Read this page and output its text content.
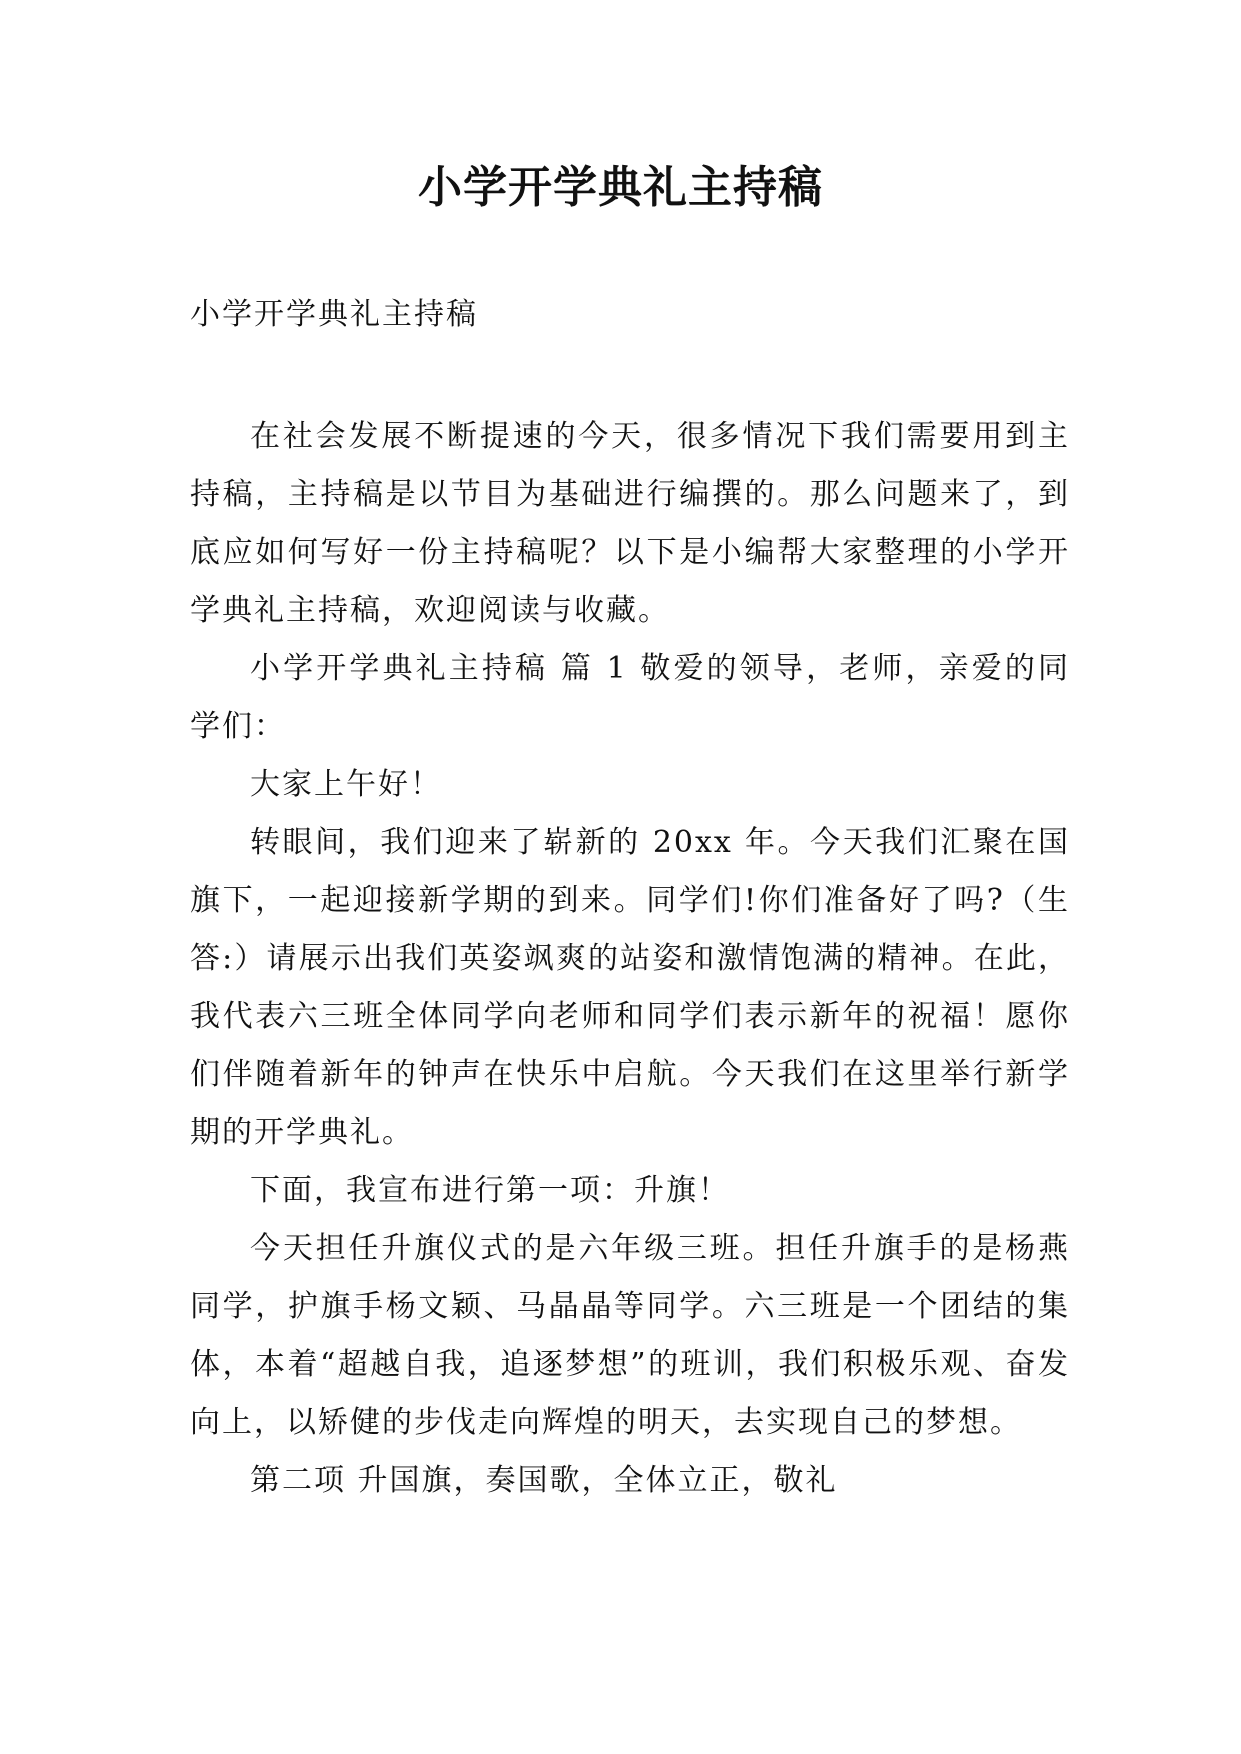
小学开学典礼主持稿

小学开学典礼主持稿

在社会发展不断提速的今天，很多情况下我们需要用到主持稿，主持稿是以节目为基础进行编撰的。那么问题来了，到底应如何写好一份主持稿呢？以下是小编帮大家整理的小学开学典礼主持稿，欢迎阅读与收藏。

小学开学典礼主持稿 篇 1 敬爱的领导，老师，亲爱的同学们：

大家上午好！

转眼间，我们迎来了崭新的 20xx 年。今天我们汇聚在国旗下，一起迎接新学期的到来。同学们!你们准备好了吗?（生答:）请展示出我们英姿飒爽的站姿和激情饱满的精神。在此，我代表六三班全体同学向老师和同学们表示新年的祝福！愿你们伴随着新年的钟声在快乐中启航。今天我们在这里举行新学期的开学典礼。

下面，我宣布进行第一项：升旗！

今天担任升旗仪式的是六年级三班。担任升旗手的是杨燕同学，护旗手杨文颖、马晶晶等同学。六三班是一个团结的集体，本着“超越自我，追逐梦想”的班训，我们积极乐观、奋发向上，以矫健的步伐走向辉煌的明天，去实现自己的梦想。

第二项 升国旗，奏国歌，全体立正，敬礼
